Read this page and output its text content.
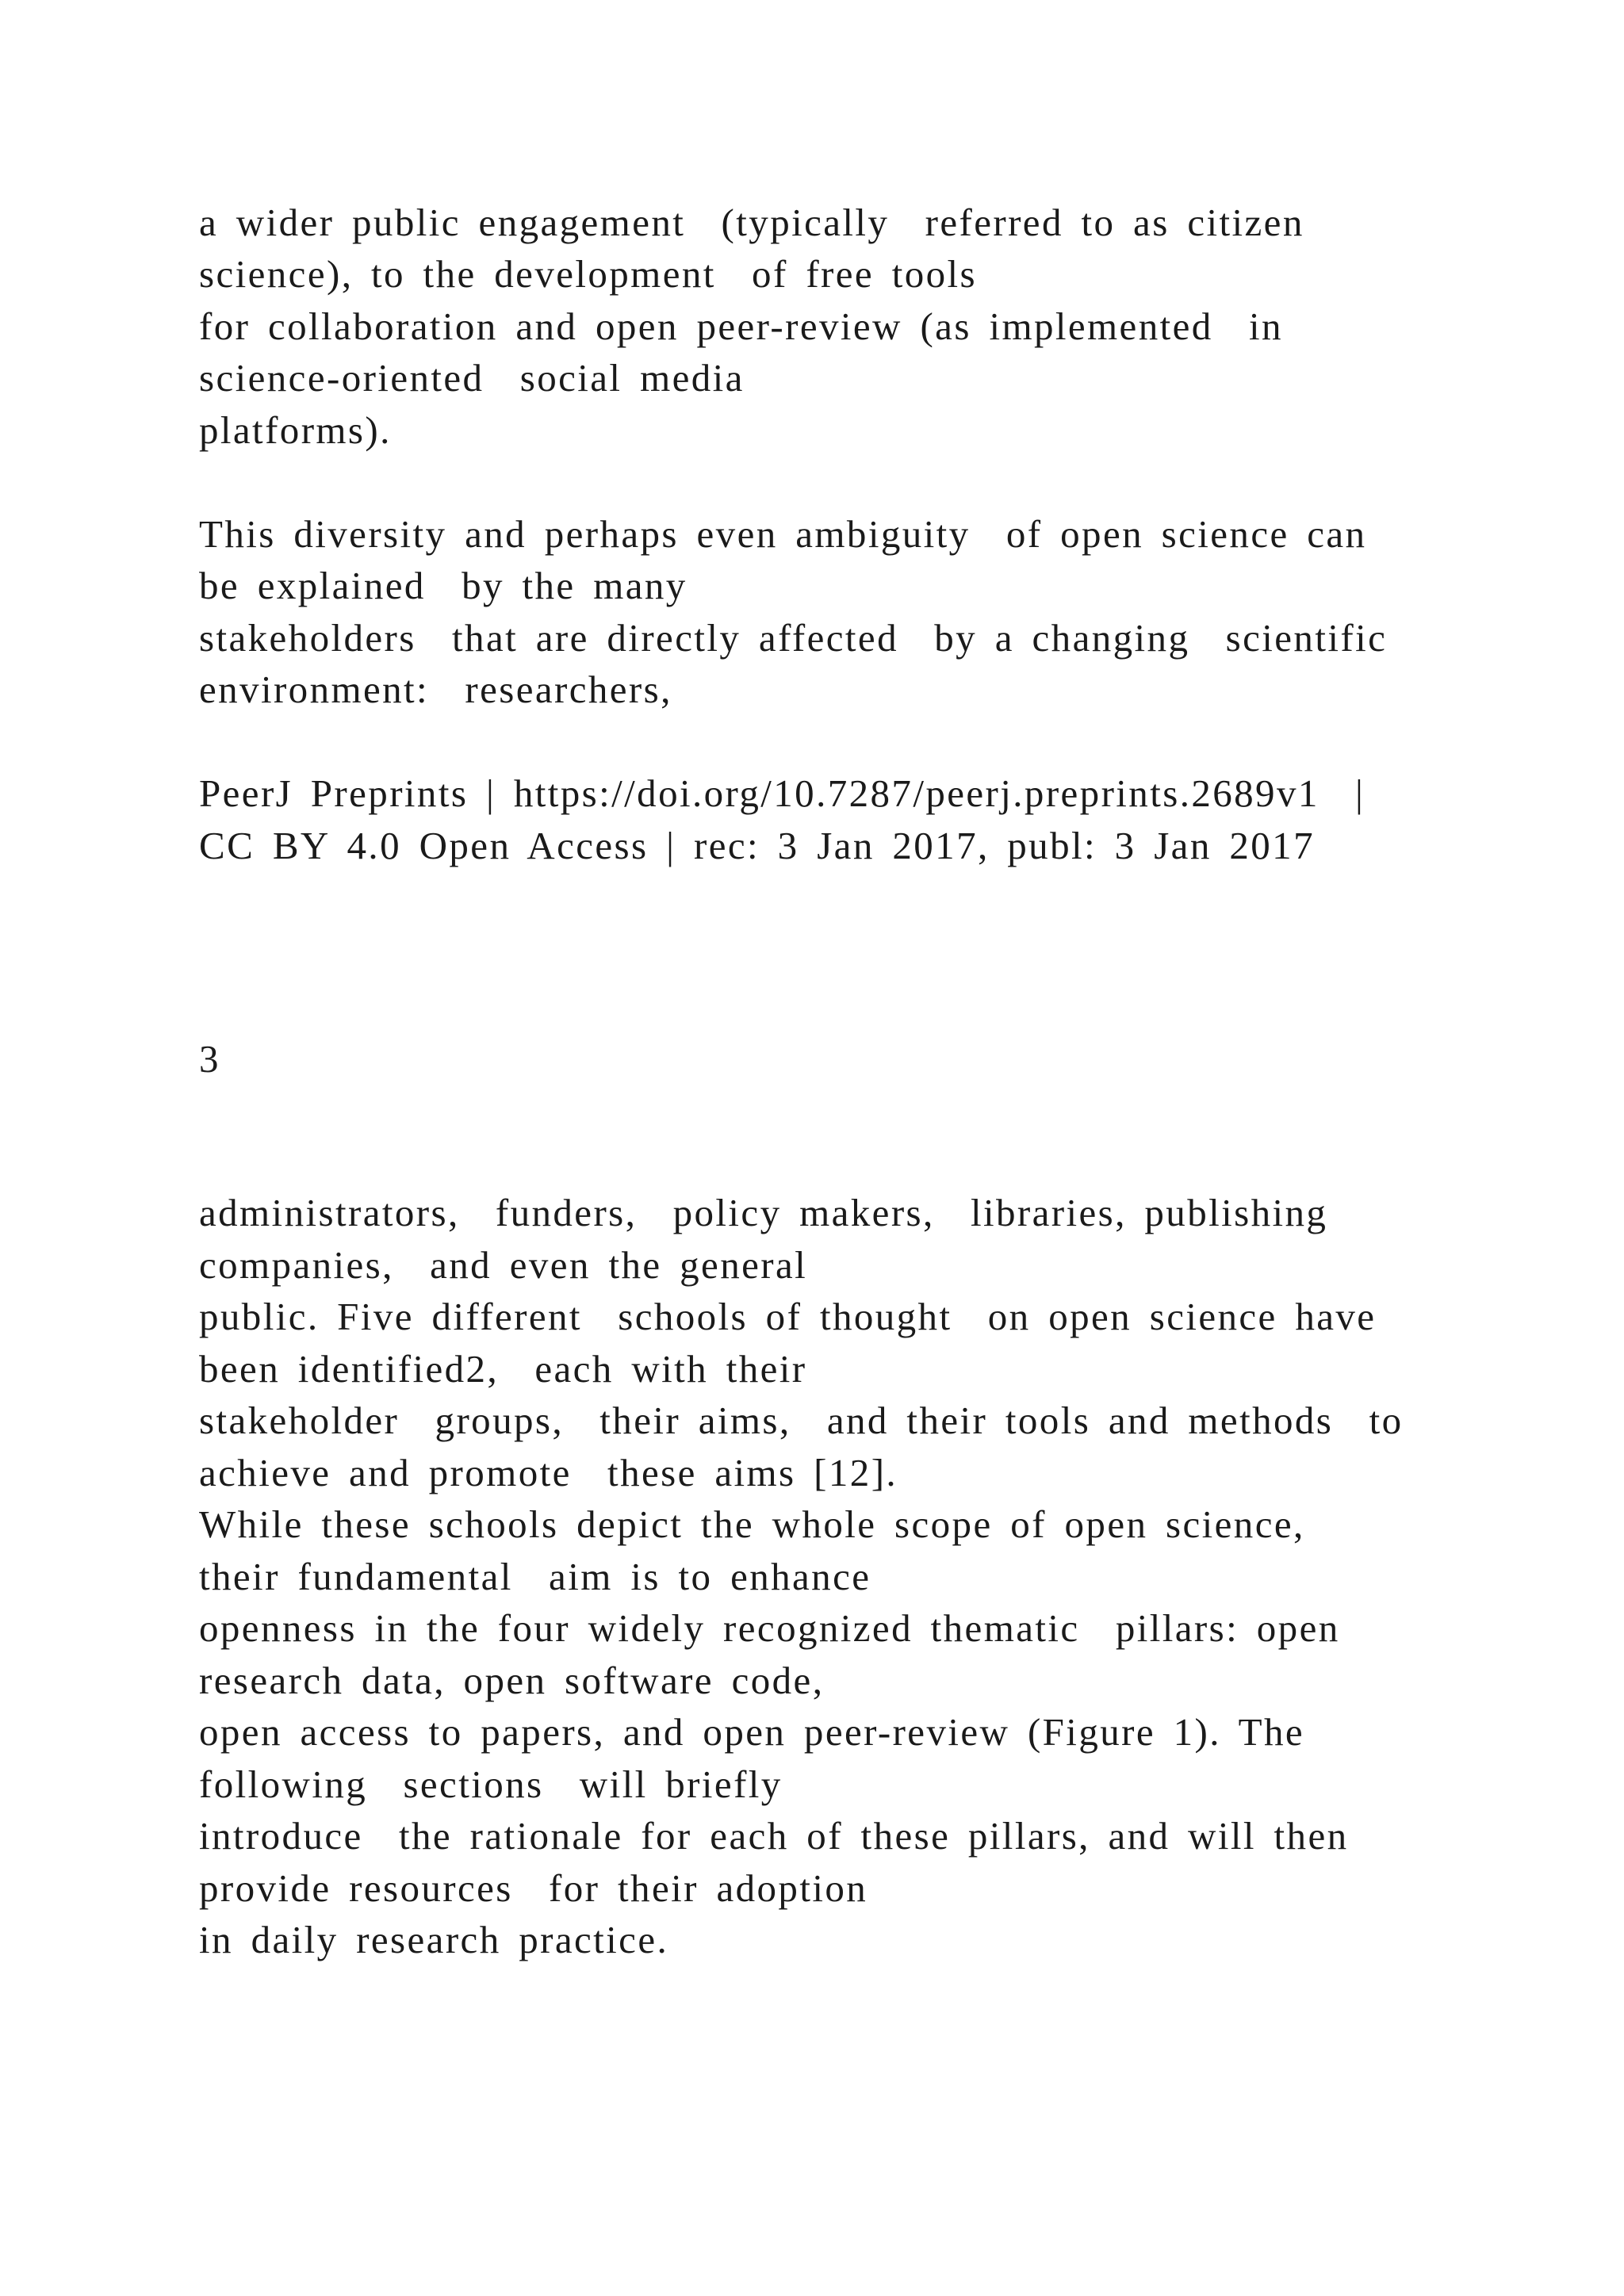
a wider public engagement  (typically  referred to as citizen

science), to the development  of free tools

for collaboration and open peer-review (as implemented  in

science-oriented  social media

platforms).

This diversity and perhaps even ambiguity  of open science can

be explained  by the many

stakeholders  that are directly affected  by a changing  scientific

environment:  researchers,

PeerJ Preprints | https://doi.org/10.7287/peerj.preprints.2689v1  |

CC BY 4.0 Open Access | rec: 3 Jan 2017, publ: 3 Jan 2017

3

administrators,  funders,  policy makers,  libraries, publishing

companies,  and even the general

public. Five different  schools of thought  on open science have

been identified2,  each with their

stakeholder  groups,  their aims,  and their tools and methods  to

achieve and promote  these aims [12].

While these schools depict the whole scope of open science,

their fundamental  aim is to enhance

openness in the four widely recognized thematic  pillars: open

research data, open software code,

open access to papers, and open peer-review (Figure 1). The

following  sections  will briefly

introduce  the rationale for each of these pillars, and will then

provide resources  for their adoption

in daily research practice.
